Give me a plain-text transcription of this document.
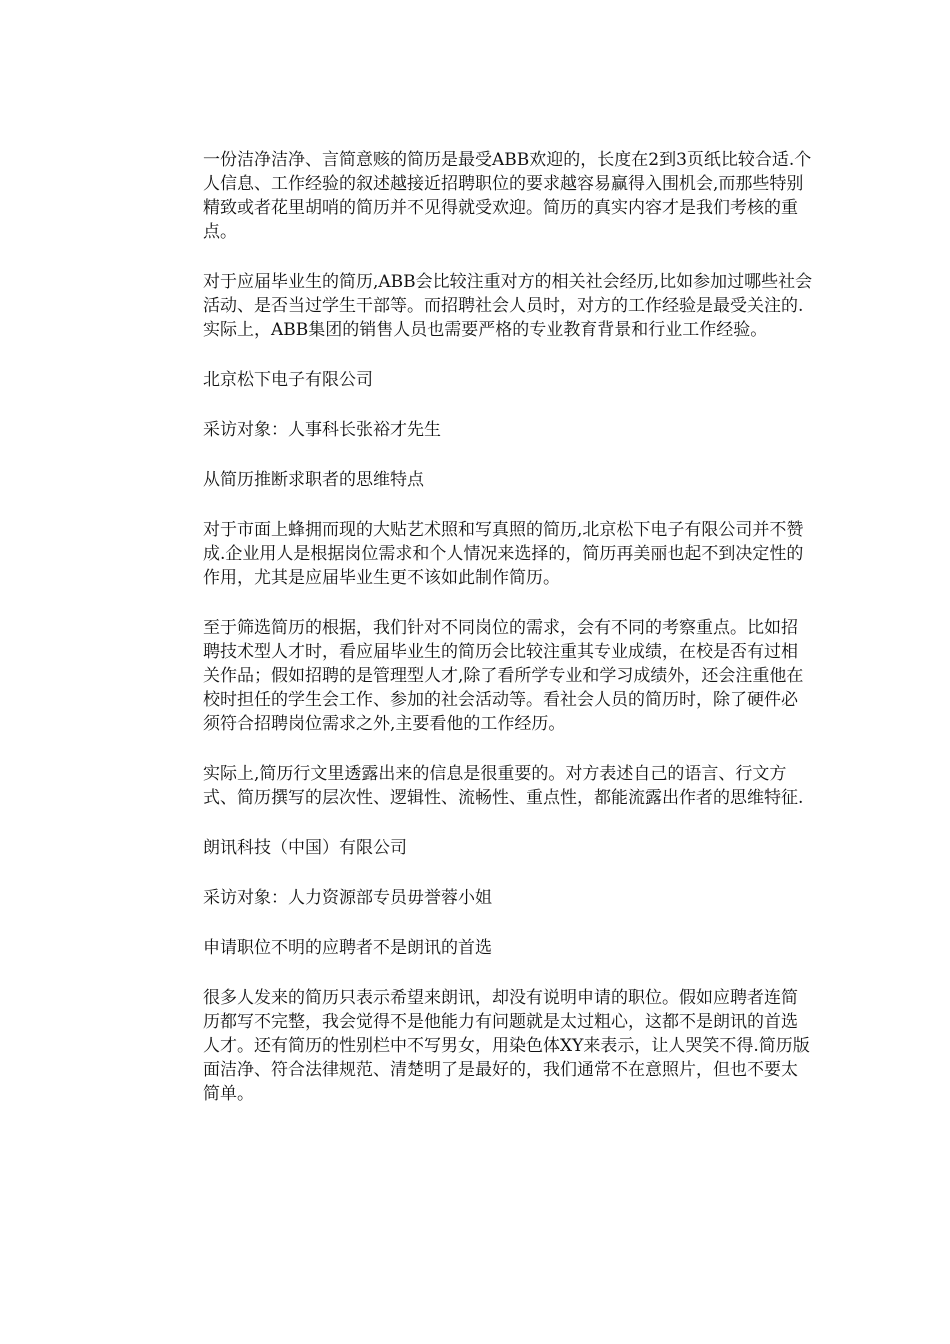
一份洁净洁净、言简意赅的简历是最受ABB欢迎的，长度在2到3页纸比较合适.个人信息、工作经验的叙述越接近招聘职位的要求越容易赢得入围机会,而那些特别精致或者花里胡哨的简历并不见得就受欢迎。简历的真实内容才是我们考核的重点。

对于应届毕业生的简历,ABB会比较注重对方的相关社会经历,比如参加过哪些社会活动、是否当过学生干部等。而招聘社会人员时，对方的工作经验是最受关注的.实际上，ABB集团的销售人员也需要严格的专业教育背景和行业工作经验。

北京松下电子有限公司

采访对象：人事科长张裕才先生

从简历推断求职者的思维特点

对于市面上蜂拥而现的大贴艺术照和写真照的简历,北京松下电子有限公司并不赞成.企业用人是根据岗位需求和个人情况来选择的，简历再美丽也起不到决定性的作用，尤其是应届毕业生更不该如此制作简历。

至于筛选简历的根据，我们针对不同岗位的需求，会有不同的考察重点。比如招聘技术型人才时，看应届毕业生的简历会比较注重其专业成绩，在校是否有过相关作品；假如招聘的是管理型人才,除了看所学专业和学习成绩外，还会注重他在校时担任的学生会工作、参加的社会活动等。看社会人员的简历时，除了硬件必须符合招聘岗位需求之外,主要看他的工作经历。

实际上,简历行文里透露出来的信息是很重要的。对方表述自己的语言、行文方式、简历撰写的层次性、逻辑性、流畅性、重点性，都能流露出作者的思维特征.

朗讯科技（中国）有限公司

采访对象：人力资源部专员毋誉蓉小姐

申请职位不明的应聘者不是朗讯的首选

很多人发来的简历只表示希望来朗讯，却没有说明申请的职位。假如应聘者连简历都写不完整，我会觉得不是他能力有问题就是太过粗心，这都不是朗讯的首选人才。还有简历的性别栏中不写男女，用染色体XY来表示，让人哭笑不得.简历版面洁净、符合法律规范、清楚明了是最好的，我们通常不在意照片，但也不要太简单。
